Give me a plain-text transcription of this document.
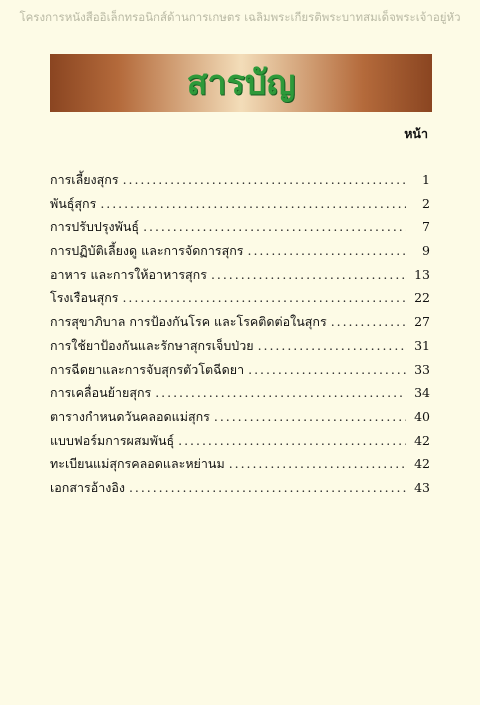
โครงการหนังสืออิเล็กทรอนิกส์ด้านการเกษตร เฉลิมพระเกียรติพระบาทสมเด็จพระเจ้าอยู่หัว
สารบัญ
หน้า
การเลี้ยงสุกร . . .	1
พันธุ์สุกร . . .	2
การปรับปรุงพันธุ์ . . .	7
การปฏิบัติเลี้ยงดู และการจัดการสุกร . . .	9
อาหาร และการให้อาหารสุกร . . .	13
โรงเรือนสุกร . . .	22
การสุขาภิบาล การป้องกันโรค และโรคติดต่อในสุกร . . .	27
การใช้ยาป้องกันและรักษาสุกรเจ็บป่วย . . .	31
การฉีดยาและการจับสุกรตัวโตฉีดยา . . .	33
การเคลื่อนย้ายสุกร . . .	34
ตารางกำหนดวันคลอดแม่สุกร . . .	40
แบบฟอร์มการผสมพันธุ์ . . .	42
ทะเบียนแม่สุกรคลอดและหย่านม . . .	42
เอกสารอ้างอิง . . .	43
